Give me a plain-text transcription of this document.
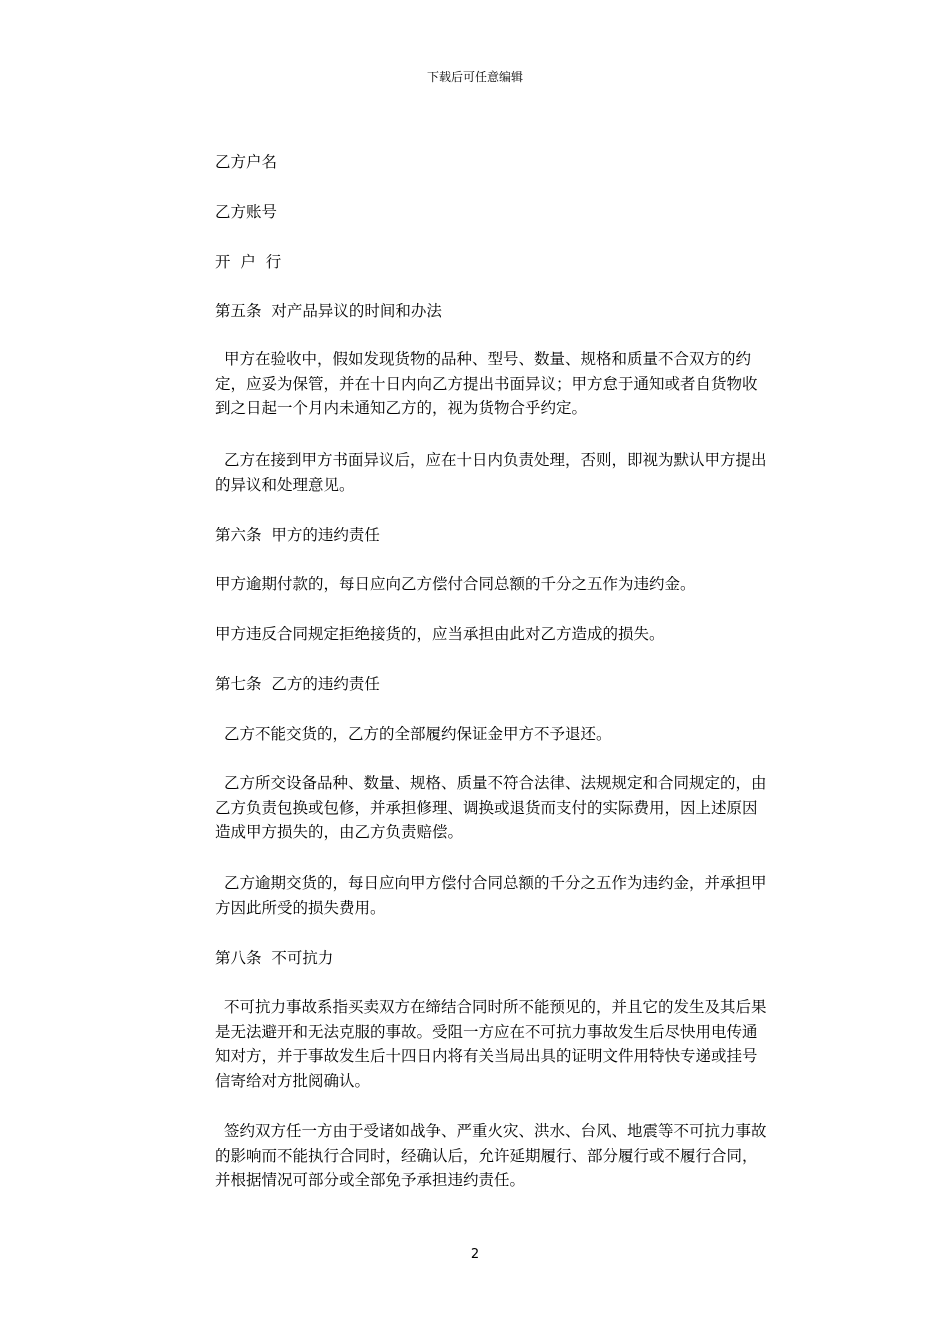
下载后可任意编辑

乙方户名

乙方账号

开  户  行

第五条  对产品异议的时间和办法

甲方在验收中，假如发现货物的品种、型号、数量、规格和质量不合双方的约定，应妥为保管，并在十日内向乙方提出书面异议；甲方怠于通知或者自货物收到之日起一个月内未通知乙方的，视为货物合乎约定。

乙方在接到甲方书面异议后，应在十日内负责处理，否则，即视为默认甲方提出的异议和处理意见。

第六条  甲方的违约责任

甲方逾期付款的，每日应向乙方偿付合同总额的千分之五作为违约金。

甲方违反合同规定拒绝接货的，应当承担由此对乙方造成的损失。

第七条  乙方的违约责任

乙方不能交货的，乙方的全部履约保证金甲方不予退还。

乙方所交设备品种、数量、规格、质量不符合法律、法规规定和合同规定的，由乙方负责包换或包修，并承担修理、调换或退货而支付的实际费用，因上述原因造成甲方损失的，由乙方负责赔偿。

乙方逾期交货的，每日应向甲方偿付合同总额的千分之五作为违约金，并承担甲方因此所受的损失费用。

第八条  不可抗力

不可抗力事故系指买卖双方在缔结合同时所不能预见的，并且它的发生及其后果是无法避开和无法克服的事故。受阻一方应在不可抗力事故发生后尽快用电传通知对方，并于事故发生后十四日内将有关当局出具的证明文件用特快专递或挂号信寄给对方批阅确认。

签约双方任一方由于受诸如战争、严重火灾、洪水、台风、地震等不可抗力事故的影响而不能执行合同时，经确认后，允许延期履行、部分履行或不履行合同，并根据情况可部分或全部免予承担违约责任。

2
